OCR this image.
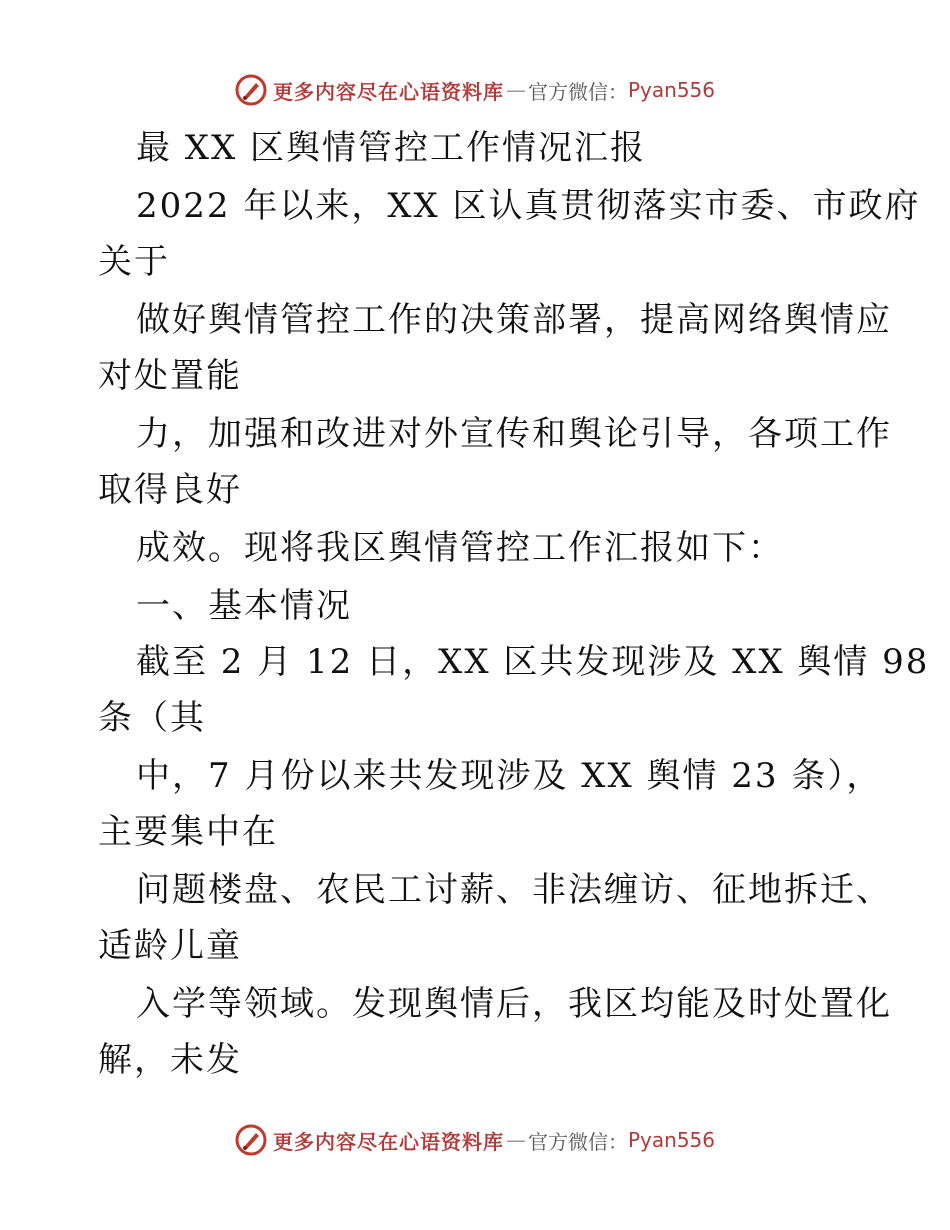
更多内容尽在心语资料库 — 官方微信： Pyan556
最 XX 区舆情管控工作情况汇报
2022 年以来，XX 区认真贯彻落实市委、市政府
关于
做好舆情管控工作的决策部署，提高网络舆情应
对处置能
力，加强和改进对外宣传和舆论引导，各项工作
取得良好
成效。现将我区舆情管控工作汇报如下：
一、基本情况
截至 2 月 12 日，XX 区共发现涉及 XX 舆情 98
条（其
中，7 月份以来共发现涉及 XX 舆情 23 条），
主要集中在
问题楼盘、农民工讨薪、非法缠访、征地拆迁、
适龄儿童
入学等领域。发现舆情后，我区均能及时处置化
解，未发
更多内容尽在心语资料库 — 官方微信： Pyan556
